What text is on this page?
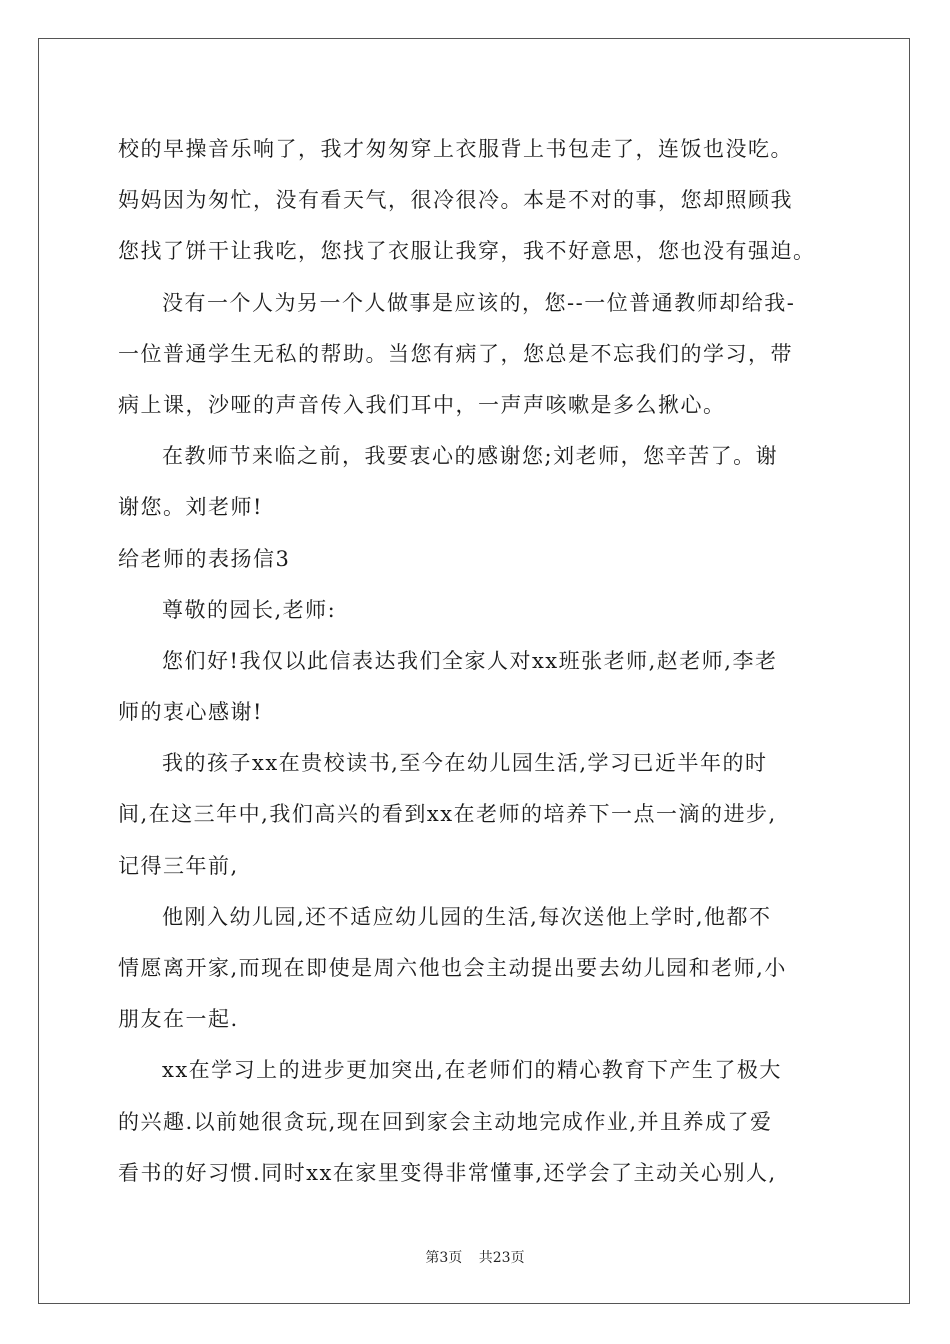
校的早操音乐响了，我才匆匆穿上衣服背上书包走了，连饭也没吃。
妈妈因为匆忙，没有看天气，很冷很冷。本是不对的事，您却照顾我
您找了饼干让我吃，您找了衣服让我穿，我不好意思，您也没有强迫。
没有一个人为另一个人做事是应该的，您--一位普通教师却给我-
一位普通学生无私的帮助。当您有病了，您总是不忘我们的学习，带
病上课，沙哑的声音传入我们耳中，一声声咳嗽是多么揪心。
在教师节来临之前，我要衷心的感谢您;刘老师，您辛苦了。谢
谢您。刘老师!
给老师的表扬信3
尊敬的园长,老师:
您们好!我仅以此信表达我们全家人对xx班张老师,赵老师,李老
师的衷心感谢!
我的孩子xx在贵校读书,至今在幼儿园生活,学习已近半年的时
间,在这三年中,我们高兴的看到xx在老师的培养下一点一滴的进步,
记得三年前,
他刚入幼儿园,还不适应幼儿园的生活,每次送他上学时,他都不
情愿离开家,而现在即使是周六他也会主动提出要去幼儿园和老师,小
朋友在一起.
xx在学习上的进步更加突出,在老师们的精心教育下产生了极大
的兴趣.以前她很贪玩,现在回到家会主动地完成作业,并且养成了爱
看书的好习惯.同时xx在家里变得非常懂事,还学会了主动关心别人,
第3页 共23页
